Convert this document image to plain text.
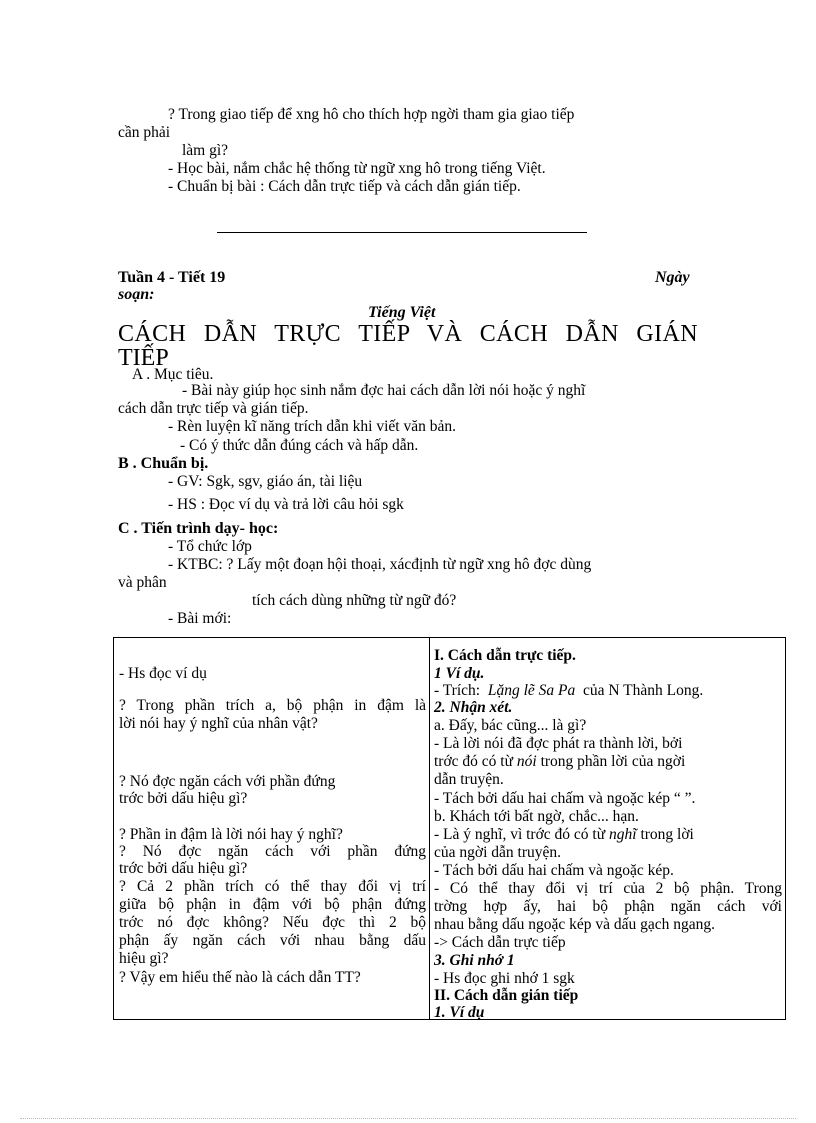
? Trong giao tiếp để xng hô cho thích hợp ngời tham gia giao tiếp
cần phải
làm gì?
- Học bài, nắm chắc hệ thống từ ngữ xng hô trong tiếng Việt.
- Chuẩn bị bài : Cách dẫn trực tiếp và cách dẫn gián tiếp.
Tuần 4 - Tiết 19	Ngày
soạn:
Tiếng Việt
CÁCH DẪN TRỰC TIẾP VÀ CÁCH DẪN GIÁN
TIẾP
A . Mục tiêu.
- Bài này giúp học sinh nắm đợc hai cách dẫn lời nói hoặc ý nghĩ
cách dẫn trực tiếp và gián tiếp.
- Rèn luyện kĩ năng trích dẫn khi viết văn bản.
- Có ý thức dẫn đúng cách và hấp dẫn.
B . Chuẩn bị.
- GV: Sgk, sgv, giáo án, tài liệu
- HS : Đọc ví dụ và trả lời câu hỏi sgk
C . Tiến trình dạy- học:
- Tổ chức lớp
- KTBC: ? Lấy một đoạn hội thoại, xácđịnh từ ngữ xng hô đợc dùng
và phân
tích cách dùng những từ ngữ đó?
- Bài mới:
- Hs đọc ví dụ
? Trong phần trích a, bộ phận in đậm là
lời nói hay ý nghĩ của nhân vật?
? Nó đợc ngăn cách với phần đứng
trớc bởi dấu hiệu gì?
? Phần in đậm là lời nói hay ý nghĩ?
? Nó đợc ngăn cách với phần đứng
trớc bởi dấu hiệu gì?
? Cả 2 phần trích có thể thay đổi vị trí
giữa bộ phận in đậm với bộ phận đứng
trớc nó đợc không? Nếu đợc thì 2 bộ
phận ấy ngăn cách với nhau bằng dấu
hiệu gì?
? Vậy em hiểu thế nào là cách dẫn TT?

I. Cách dẫn trực tiếp.
1 Ví dụ.
- Trích: Lặng lẽ Sa Pa của N Thành Long.
2. Nhận xét.
a. Đấy, bác cũng... là gì?
- Là lời nói đã đợc phát ra thành lời, bởi
trớc đó có từ nói trong phần lời của ngời
dẫn truyện.
- Tách bởi dấu hai chấm và ngoặc kép “ ”.
b. Khách tới bất ngờ, chắc... hạn.
- Là ý nghĩ, vì trớc đó có từ nghĩ trong lời
của ngời dẫn truyện.
- Tách bởi dấu hai chấm và ngoặc kép.
- Có thể thay đổi vị trí của 2 bộ phận. Trong
trờng hợp ấy, hai bộ phận ngăn cách với
nhau bằng dấu ngoặc kép và dấu gạch ngang.
-> Cách dẫn trực tiếp
3. Ghi nhớ 1
- Hs đọc ghi nhớ 1 sgk
II. Cách dẫn gián tiếp
1. Ví dụ
